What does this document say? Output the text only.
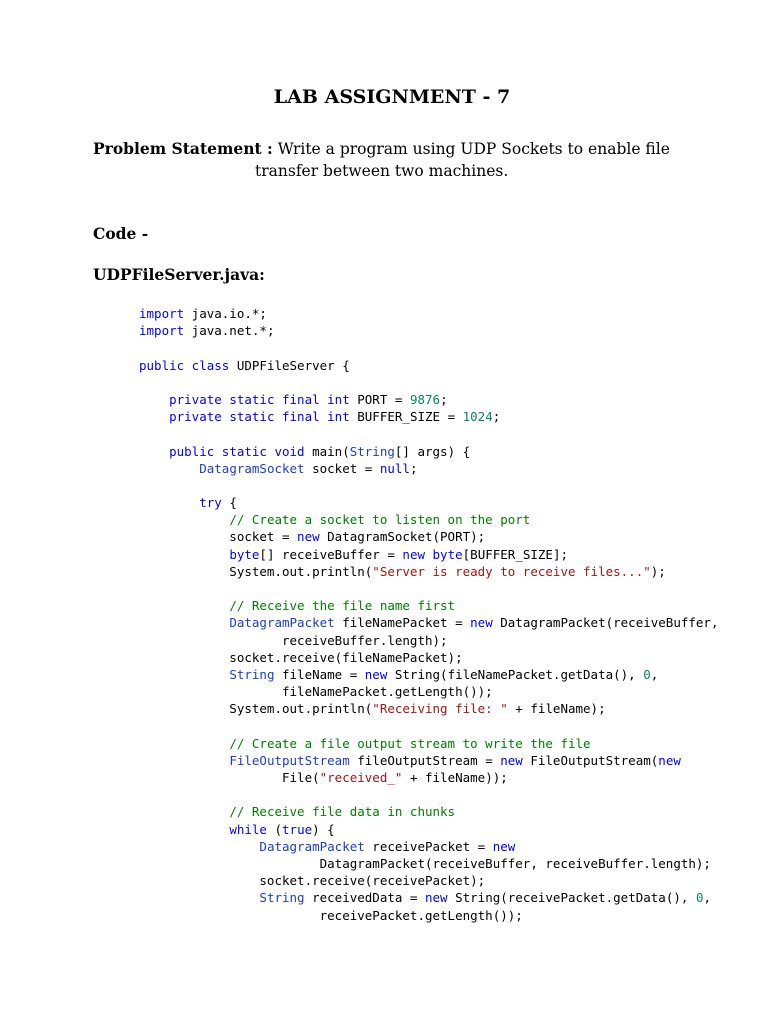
LAB ASSIGNMENT - 7
Problem Statement : Write a program using UDP Sockets to enable file
transfer between two machines.
Code -
UDPFileServer.java:
import java.io.*;
import java.net.*;

public class UDPFileServer {

private static final int PORT = 9876;
private static final int BUFFER_SIZE = 1024;

public static void main(String[] args) {
DatagramSocket socket = null;

try {
// Create a socket to listen on the port
socket = new DatagramSocket(PORT);
byte[] receiveBuffer = new byte[BUFFER_SIZE];
System.out.println("Server is ready to receive files...");

// Receive the file name first
DatagramPacket fileNamePacket = new DatagramPacket(receiveBuffer,
receiveBuffer.length);
socket.receive(fileNamePacket);
String fileName = new String(fileNamePacket.getData(), 0,
fileNamePacket.getLength());
System.out.println("Receiving file: " + fileName);

// Create a file output stream to write the file
FileOutputStream fileOutputStream = new FileOutputStream(new
File("received_" + fileName));

// Receive file data in chunks
while (true) {
DatagramPacket receivePacket = new
DatagramPacket(receiveBuffer, receiveBuffer.length);
socket.receive(receivePacket);
String receivedData = new String(receivePacket.getData(), 0,
receivePacket.getLength());
